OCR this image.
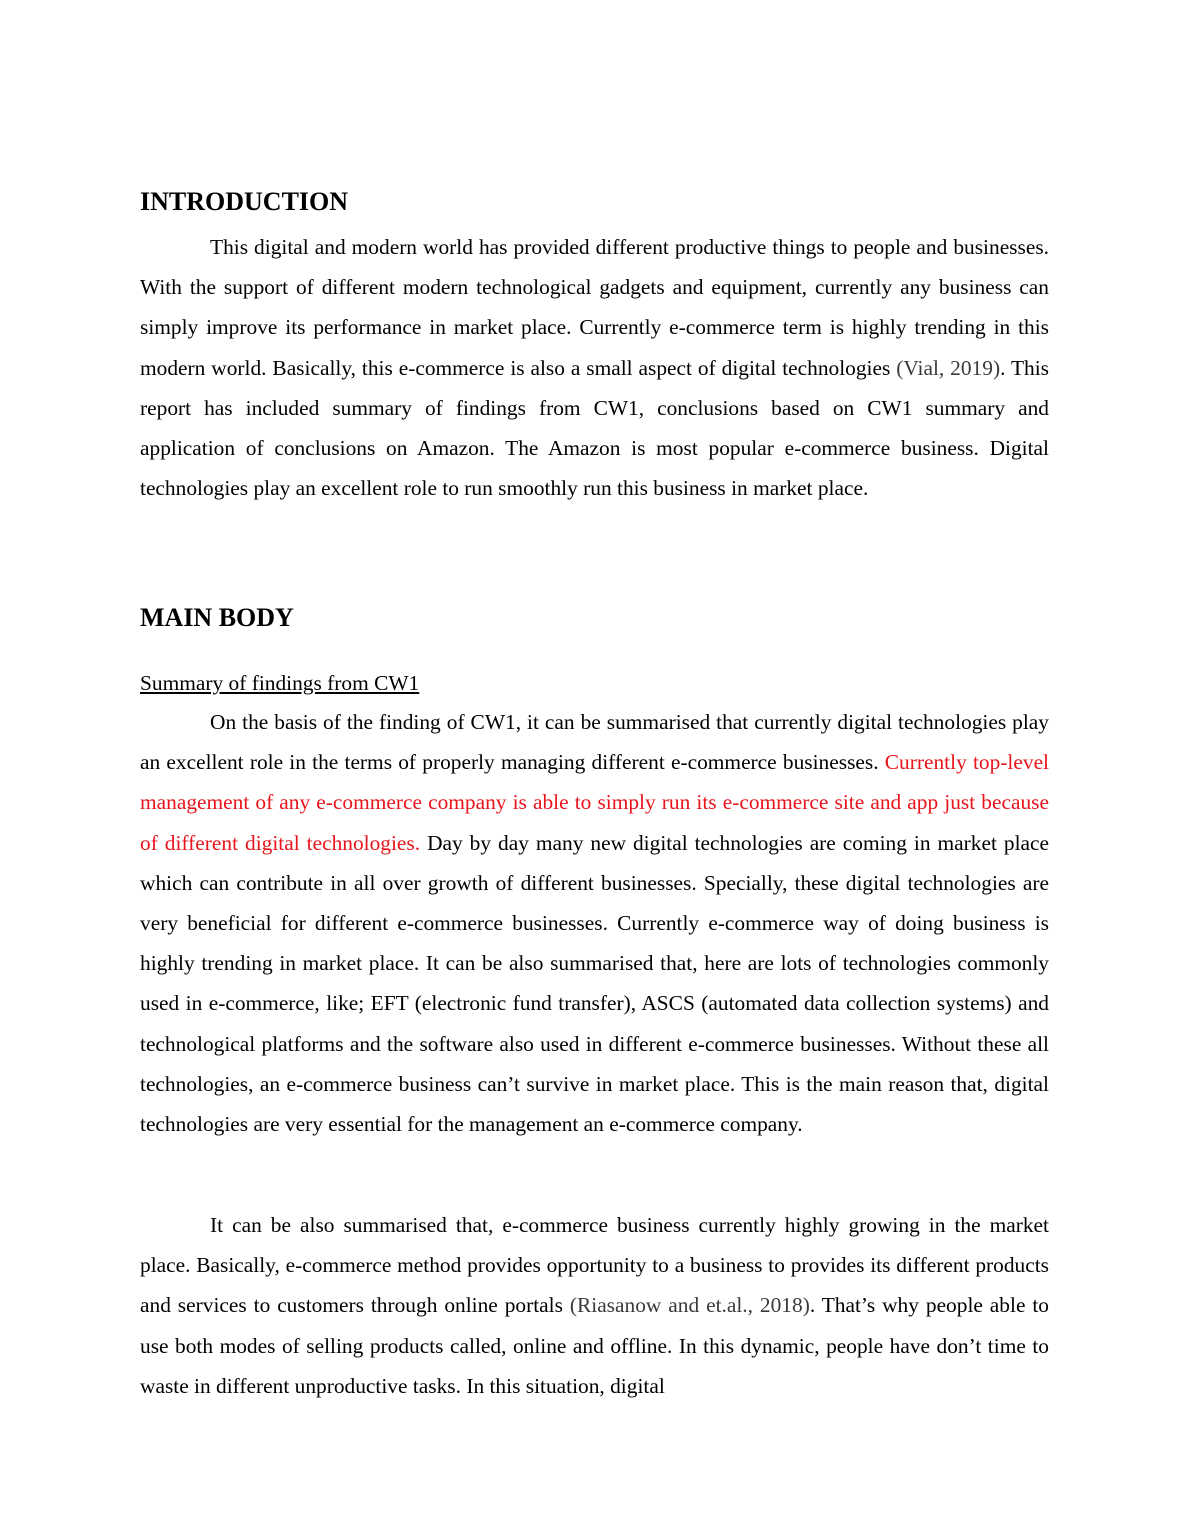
INTRODUCTION

This digital and modern world has provided different productive things to people and businesses. With the support of different modern technological gadgets and equipment, currently any business can simply improve its performance in market place. Currently e-commerce term is highly trending in this modern world. Basically, this e-commerce is also a small aspect of digital technologies (Vial, 2019). This report has included summary of findings from CW1, conclusions based on CW1 summary and application of conclusions on Amazon. The Amazon is most popular e-commerce business. Digital technologies play an excellent role to run smoothly run this business in market place.

MAIN BODY

Summary of findings from CW1

On the basis of the finding of CW1, it can be summarised that currently digital technologies play an excellent role in the terms of properly managing different e-commerce businesses. Currently top-level management of any e-commerce company is able to simply run its e-commerce site and app just because of different digital technologies. Day by day many new digital technologies are coming in market place which can contribute in all over growth of different businesses. Specially, these digital technologies are very beneficial for different e-commerce businesses. Currently e-commerce way of doing business is highly trending in market place. It can be also summarised that, here are lots of technologies commonly used in e-commerce, like; EFT (electronic fund transfer), ASCS (automated data collection systems) and technological platforms and the software also used in different e-commerce businesses. Without these all technologies, an e-commerce business can’t survive in market place. This is the main reason that, digital technologies are very essential for the management an e-commerce company.

It can be also summarised that, e-commerce business currently highly growing in the market place. Basically, e-commerce method provides opportunity to a business to provides its different products and services to customers through online portals (Riasanow and et.al., 2018). That’s why people able to use both modes of selling products called, online and offline. In this dynamic, people have don’t time to waste in different unproductive tasks. In this situation, digital
